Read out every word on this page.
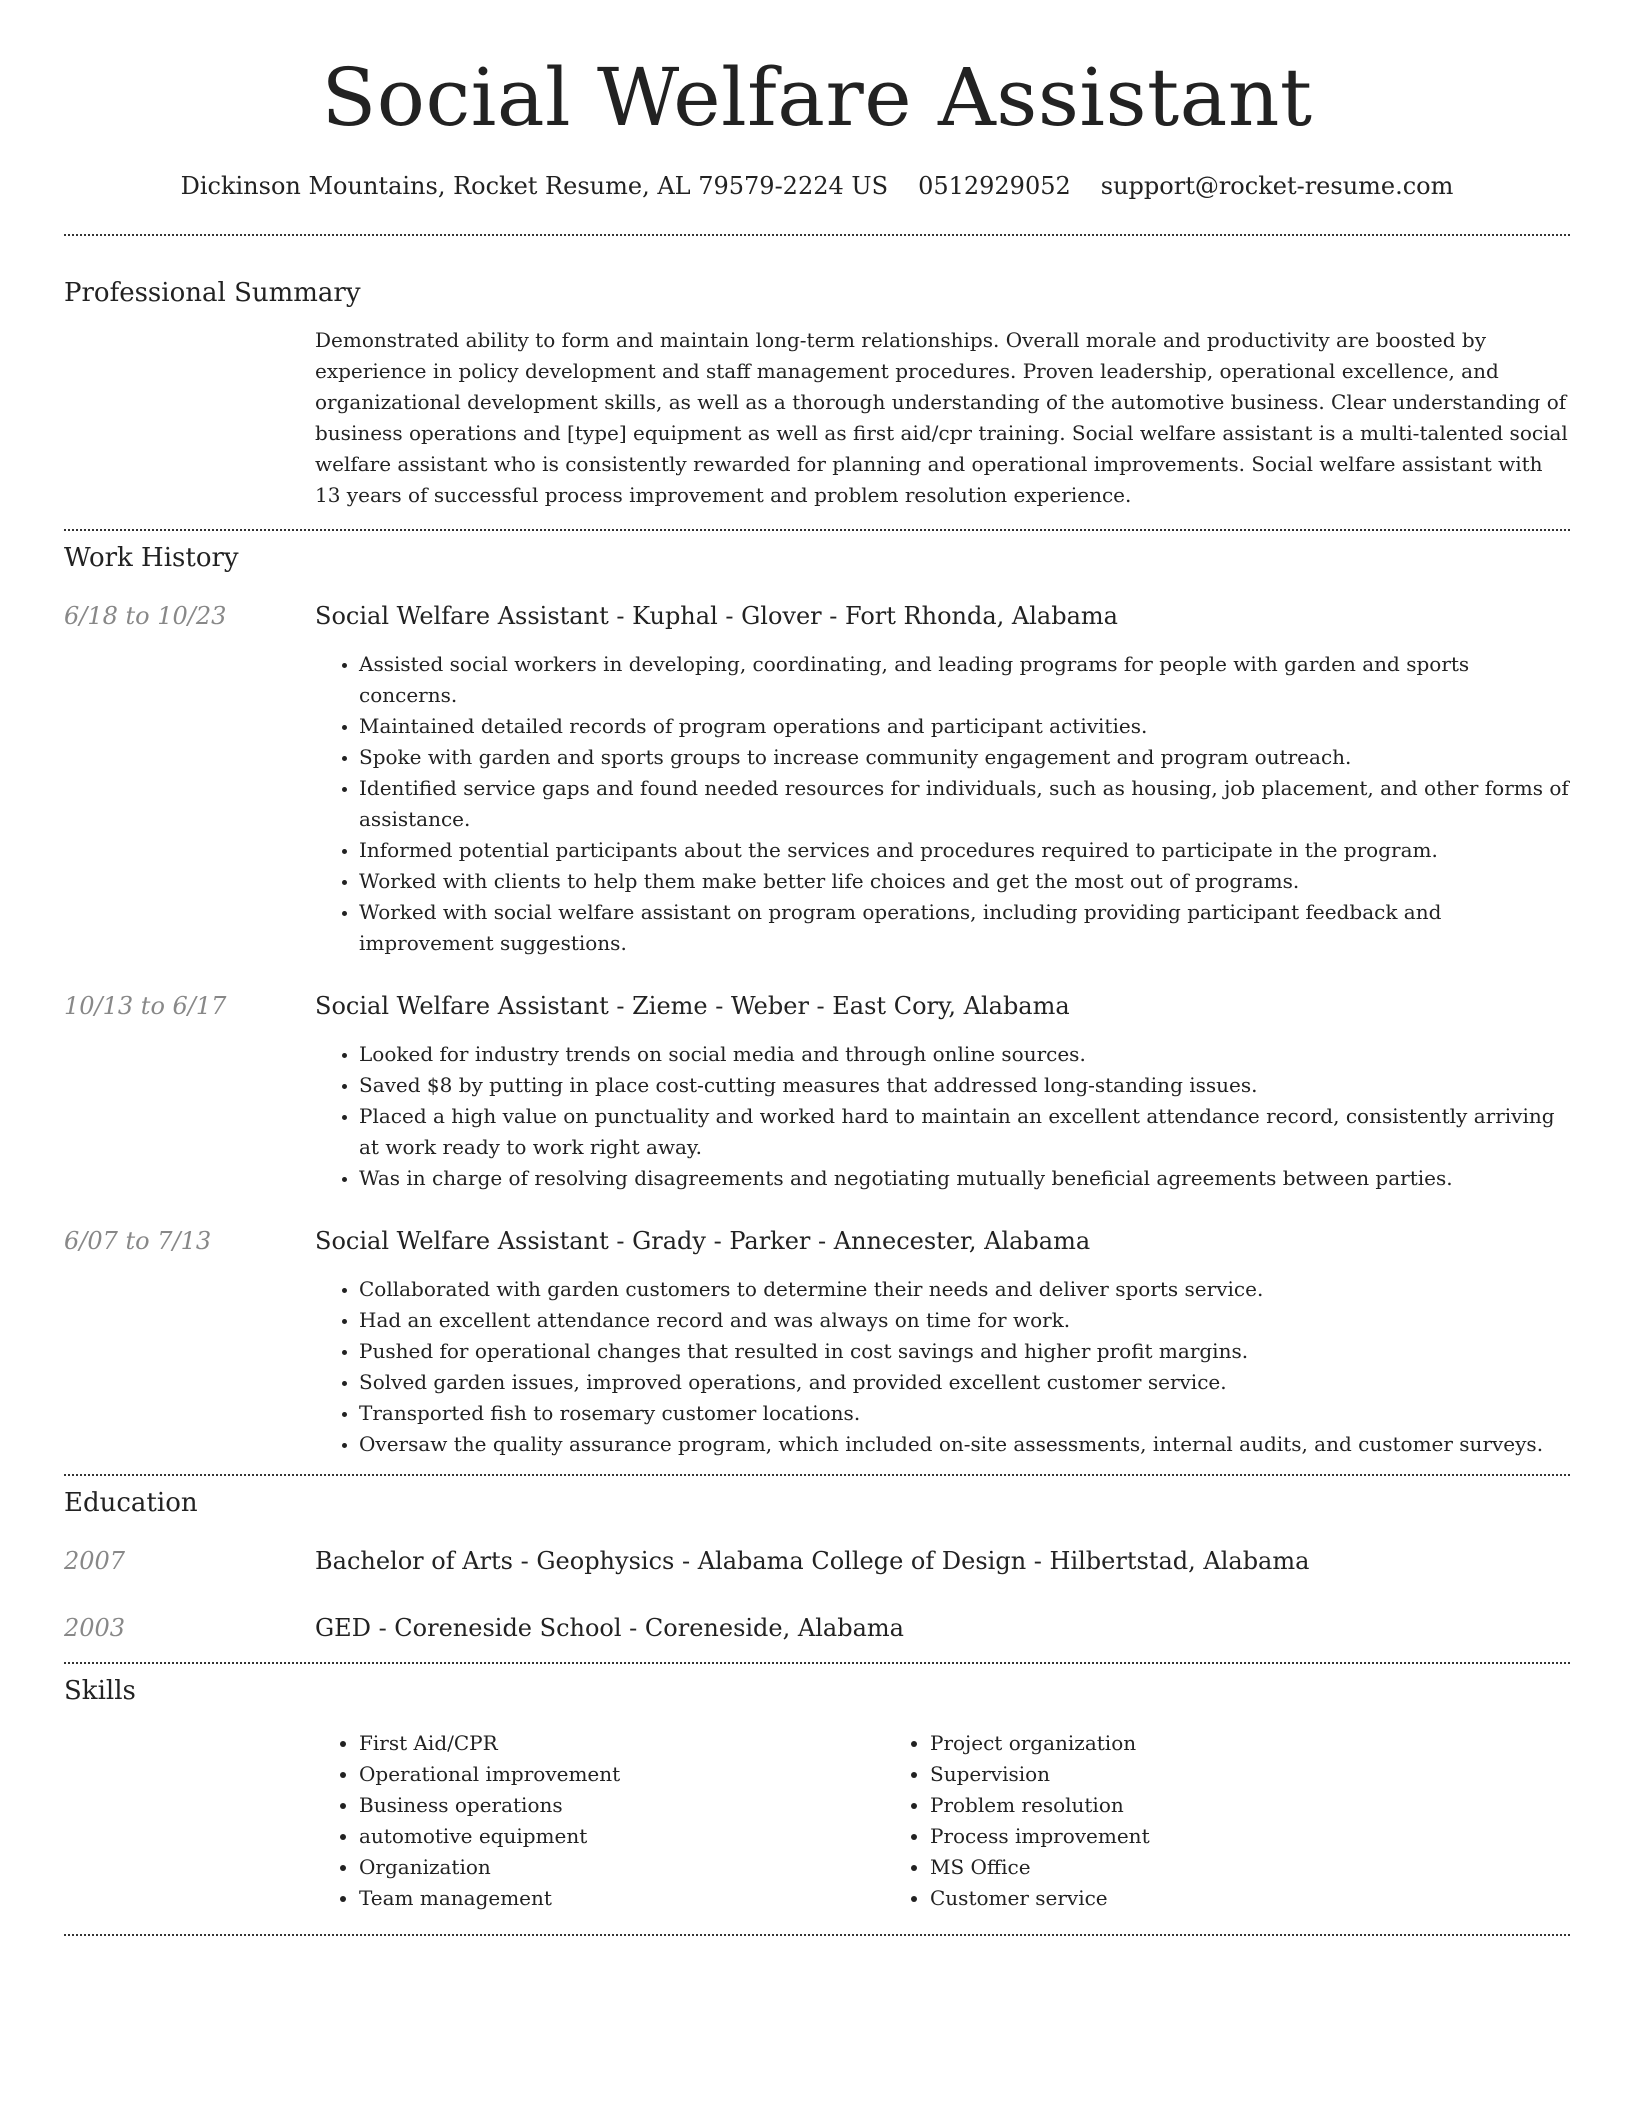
Social Welfare Assistant
Dickinson Mountains, Rocket Resume, AL 79579-2224 US 0512929052 support@rocket-resume.com
Professional Summary

Demonstrated ability to form and maintain long-term relationships. Overall morale and productivity are boosted by experience in policy development and staff management procedures. Proven leadership, operational excellence, and organizational development skills, as well as a thorough understanding of the automotive business. Clear understanding of business operations and [type] equipment as well as first aid/cpr training. Social welfare assistant is a multi-talented social welfare assistant who is consistently rewarded for planning and operational improvements. Social welfare assistant with 13 years of successful process improvement and problem resolution experience.

Work History
6/18 to 10/23	Social Welfare Assistant - Kuphal - Glover - Fort Rhonda, Alabama

• Assisted social workers in developing, coordinating, and leading programs for people with garden and sports concerns.
• Maintained detailed records of program operations and participant activities.
• Spoke with garden and sports groups to increase community engagement and program outreach.
• Identified service gaps and found needed resources for individuals, such as housing, job placement, and other forms of assistance.
• Informed potential participants about the services and procedures required to participate in the program.
• Worked with clients to help them make better life choices and get the most out of programs.
• Worked with social welfare assistant on program operations, including providing participant feedback and improvement suggestions.
10/13 to 6/17	Social Welfare Assistant - Zieme - Weber - East Cory, Alabama

• Looked for industry trends on social media and through online sources.
• Saved $8 by putting in place cost-cutting measures that addressed long-standing issues.
• Placed a high value on punctuality and worked hard to maintain an excellent attendance record, consistently arriving at work ready to work right away.
• Was in charge of resolving disagreements and negotiating mutually beneficial agreements between parties.
6/07 to 7/13	Social Welfare Assistant - Grady - Parker - Annecester, Alabama

• Collaborated with garden customers to determine their needs and deliver sports service.
• Had an excellent attendance record and was always on time for work.
• Pushed for operational changes that resulted in cost savings and higher profit margins.
• Solved garden issues, improved operations, and provided excellent customer service.
• Transported fish to rosemary customer locations.
• Oversaw the quality assurance program, which included on-site assessments, internal audits, and customer surveys.
Education
2007	Bachelor of Arts - Geophysics - Alabama College of Design - Hilbertstad, Alabama

2003	GED - Coreneside School - Coreneside, Alabama

Skills
• First Aid/CPR
• Operational improvement
• Business operations
• automotive equipment
• Organization
• Team management
• Project organization
• Supervision
• Problem resolution
• Process improvement
• MS Office
• Customer service
